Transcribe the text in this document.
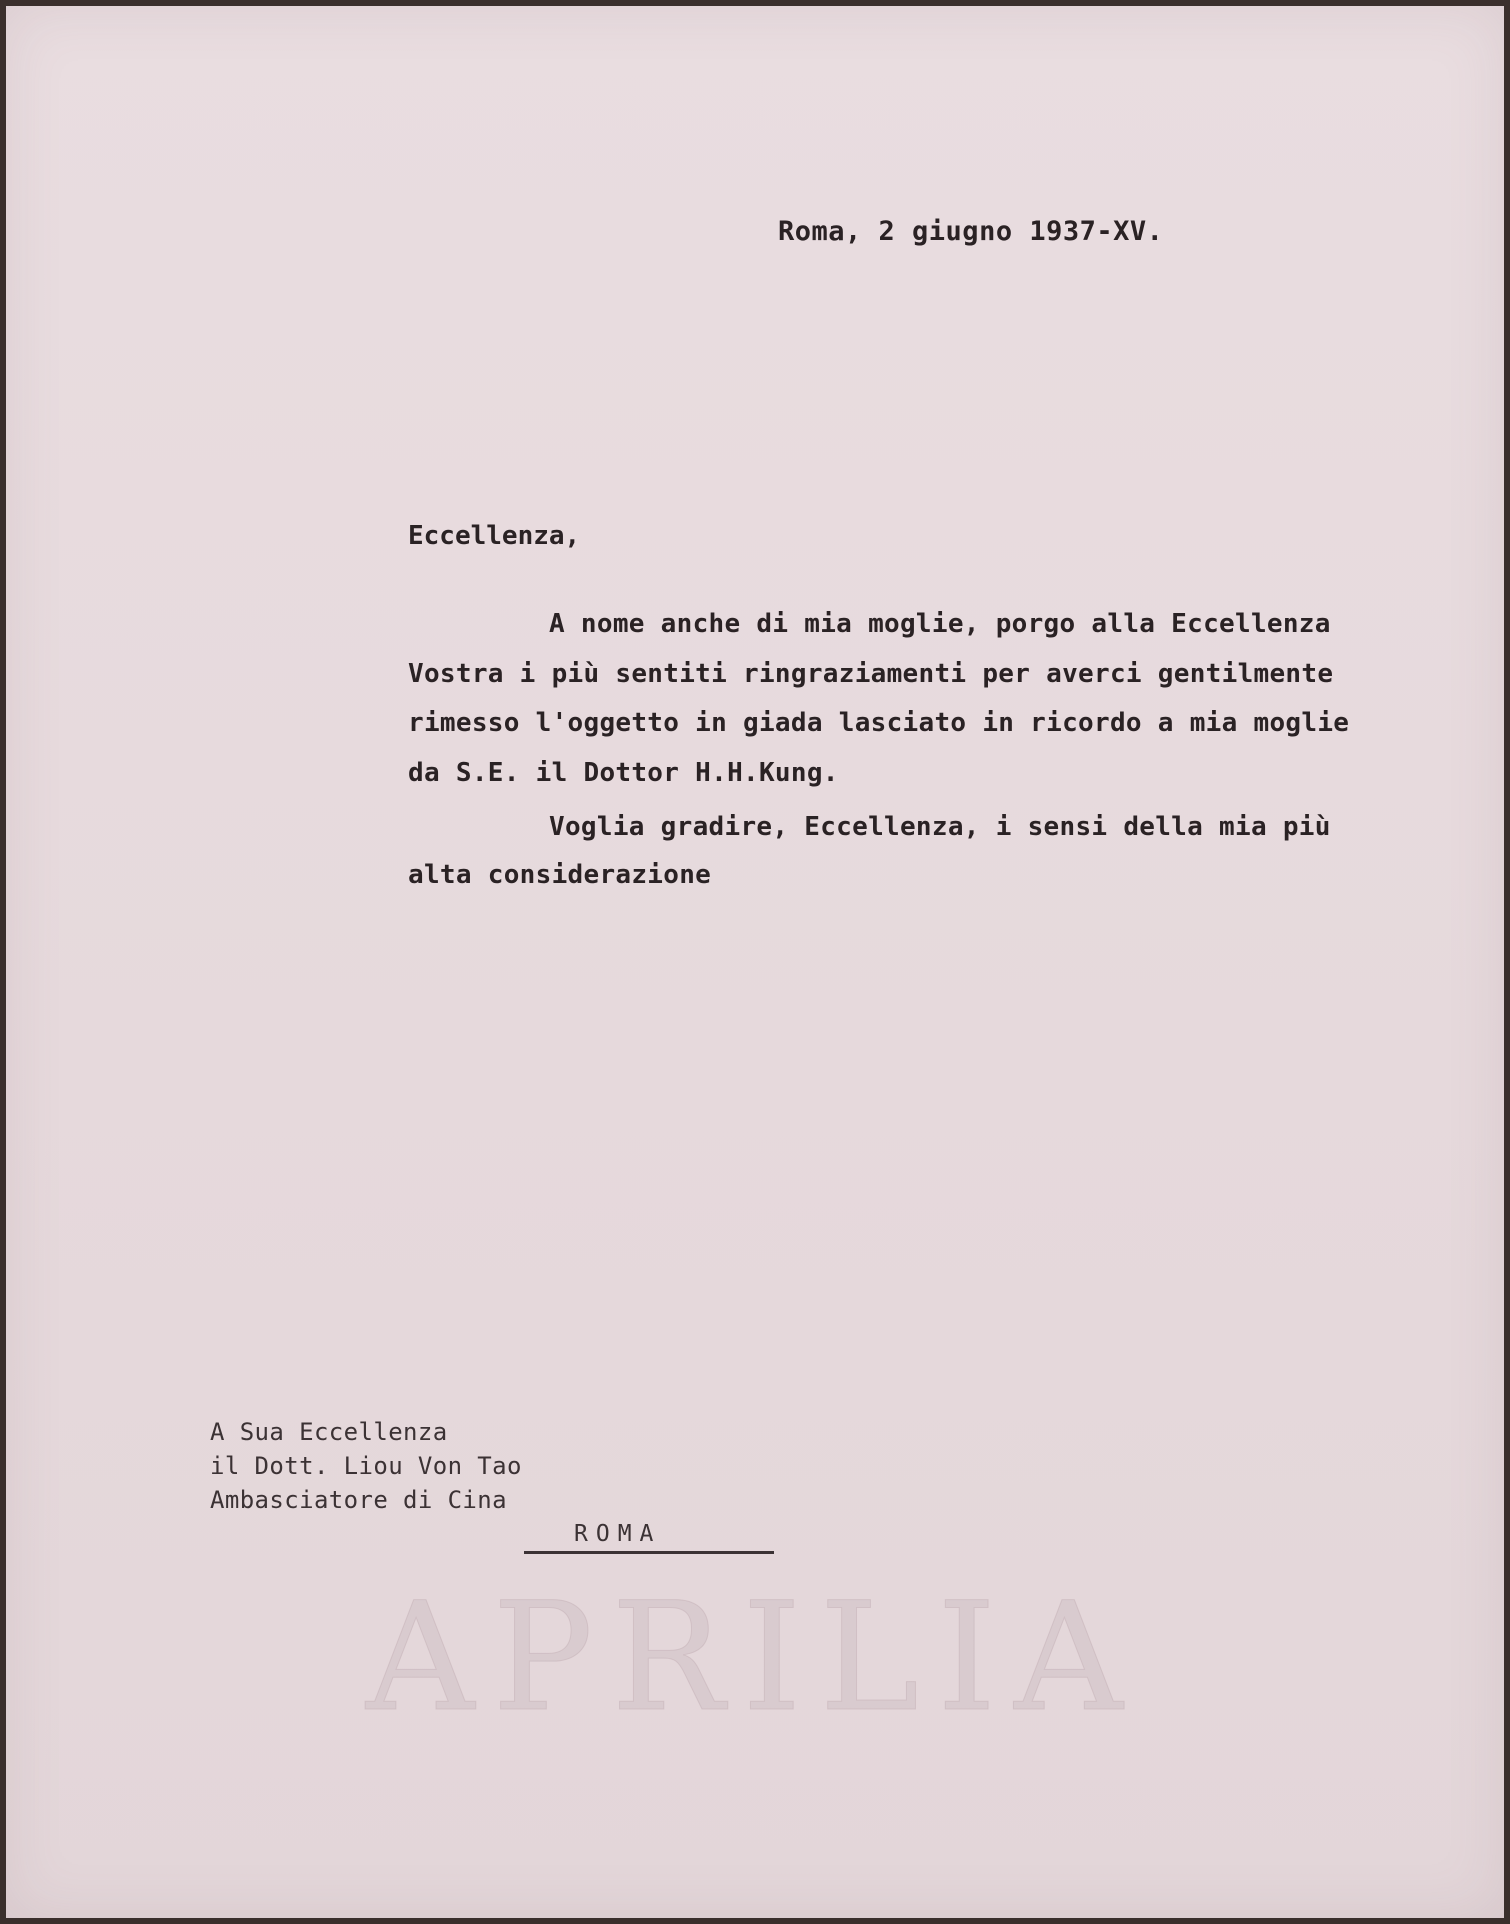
APRILIA

Roma, 2 giugno 1937-XV.

Eccellenza,

A nome anche di mia moglie, porgo alla Eccellenza

Vostra i più sentiti ringraziamenti per averci gentilmente

rimesso l'oggetto in giada lasciato in ricordo a mia moglie

da S.E. il Dottor H.H.Kung.

Voglia gradire, Eccellenza, i sensi della mia più

alta considerazione

A Sua Eccellenza

il Dott. Liou Von Tao

Ambasciatore di Cina

ROMA
